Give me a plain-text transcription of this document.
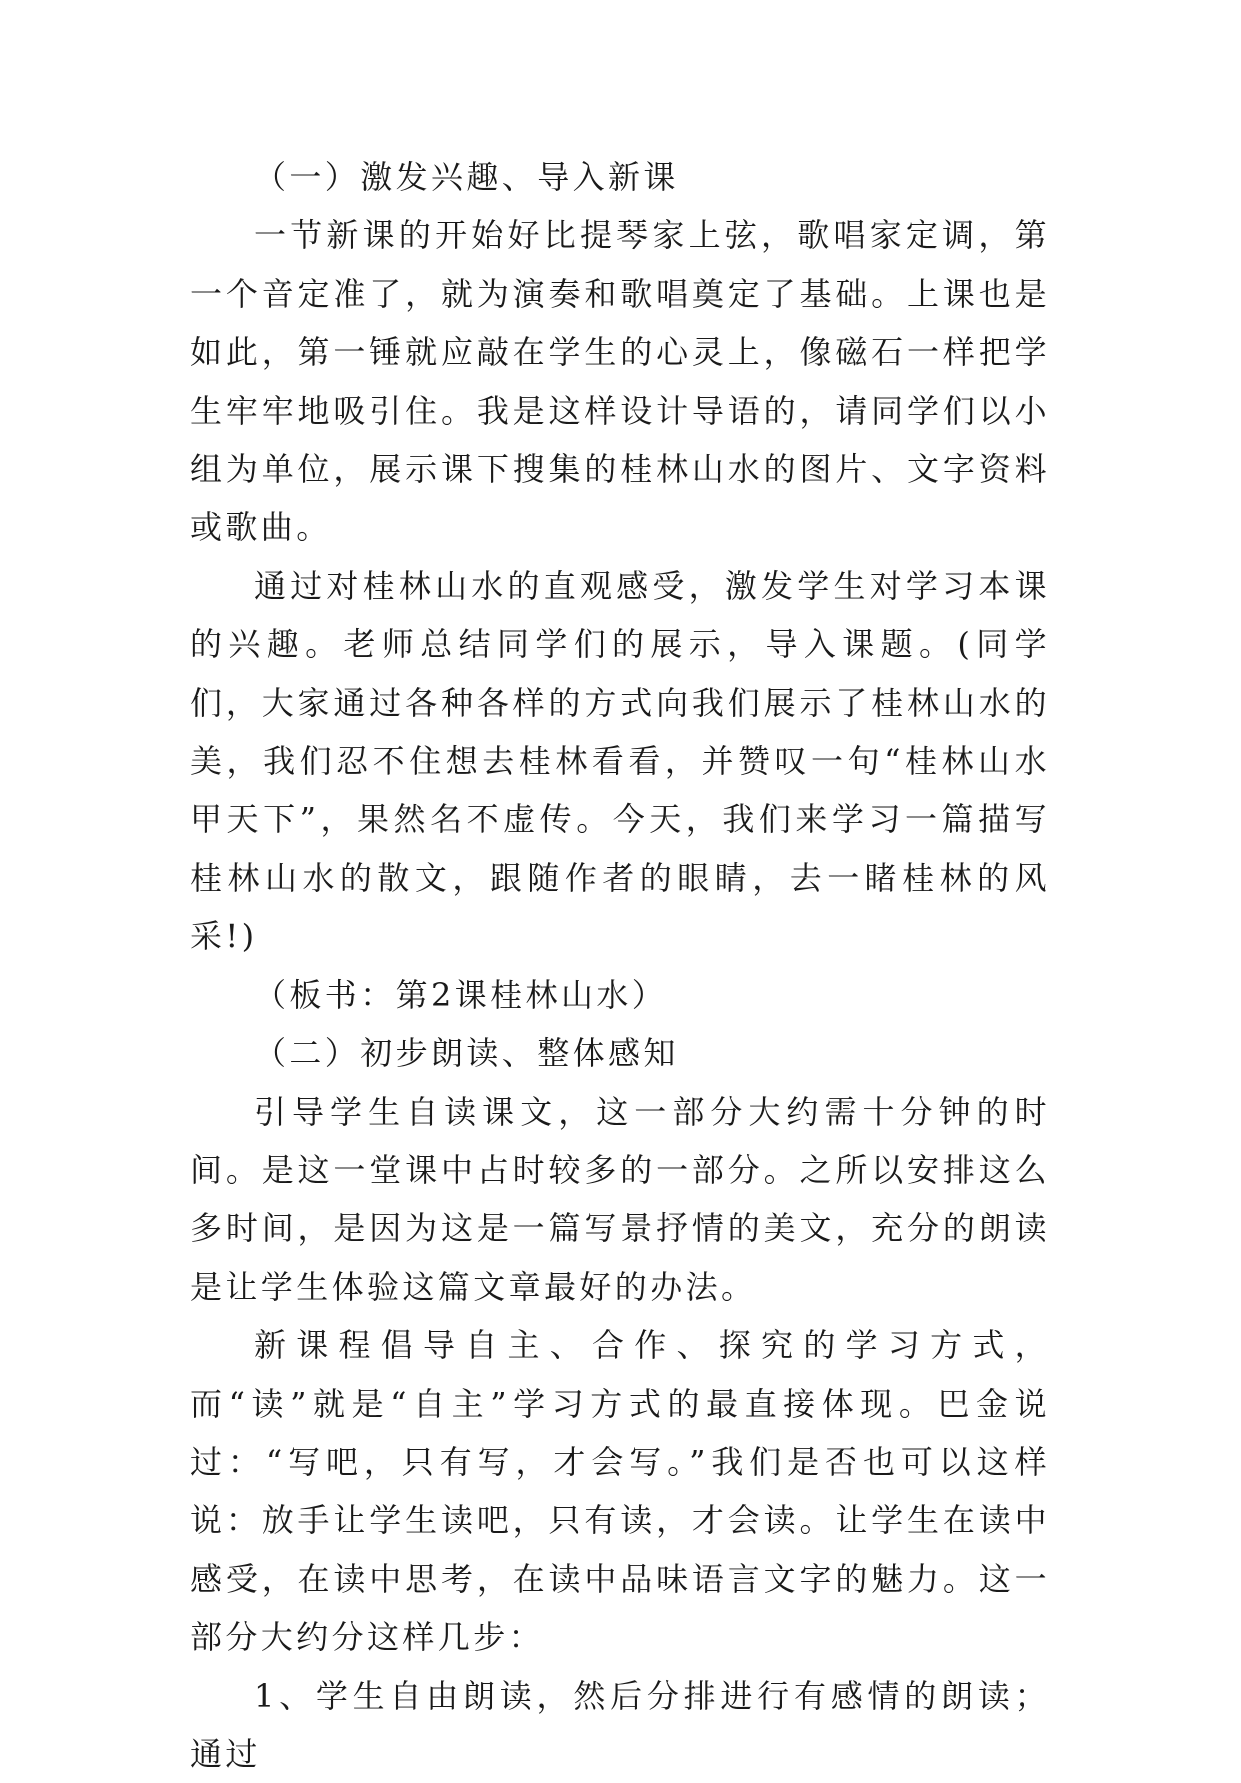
（一）激发兴趣、导入新课

一节新课的开始好比提琴家上弦，歌唱家定调，第一个音定准了，就为演奏和歌唱奠定了基础。上课也是如此，第一锤就应敲在学生的心灵上，像磁石一样把学生牢牢地吸引住。我是这样设计导语的，请同学们以小组为单位，展示课下搜集的桂林山水的图片、文字资料或歌曲。

通过对桂林山水的直观感受，激发学生对学习本课的兴趣。老师总结同学们的展示，导入课题。(同学们，大家通过各种各样的方式向我们展示了桂林山水的美，我们忍不住想去桂林看看，并赞叹一句“桂林山水甲天下”，果然名不虚传。今天，我们来学习一篇描写桂林山水的散文，跟随作者的眼睛，去一睹桂林的风采!)

（板书：第2课桂林山水）

（二）初步朗读、整体感知

引导学生自读课文，这一部分大约需十分钟的时间。是这一堂课中占时较多的一部分。之所以安排这么多时间，是因为这是一篇写景抒情的美文，充分的朗读是让学生体验这篇文章最好的办法。

新课程倡导自主、合作、探究的学习方式，而“读”就是“自主”学习方式的最直接体现。巴金说过：“写吧，只有写，才会写。”我们是否也可以这样说：放手让学生读吧，只有读，才会读。让学生在读中感受，在读中思考，在读中品味语言文字的魅力。这一部分大约分这样几步：

1、学生自由朗读，然后分排进行有感情的朗读；通过
